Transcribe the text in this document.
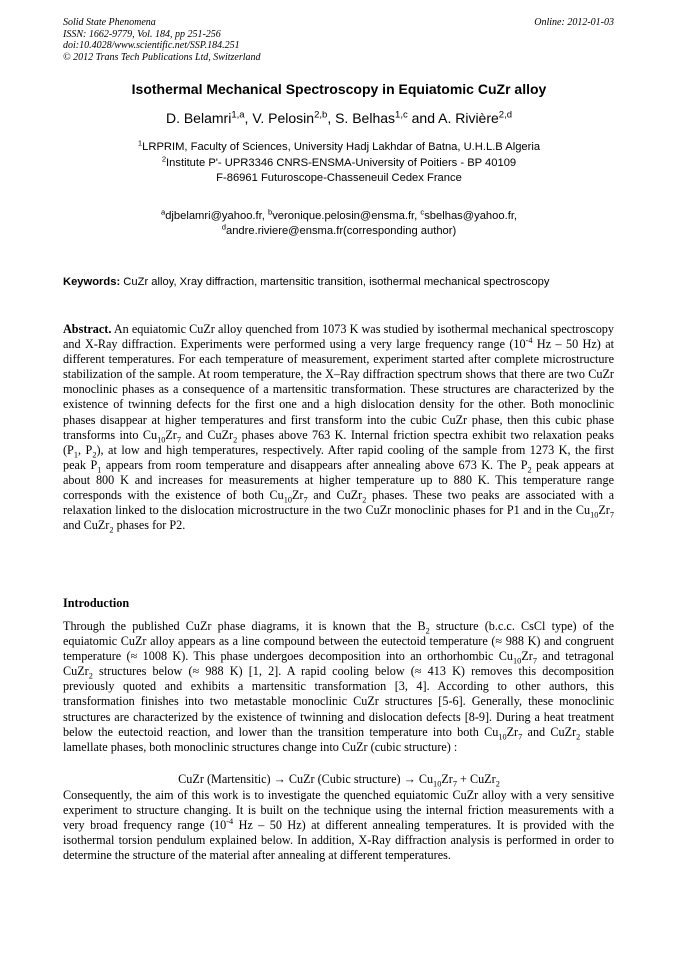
Solid State Phenomena
ISSN: 1662-9779, Vol. 184, pp 251-256
doi:10.4028/www.scientific.net/SSP.184.251
© 2012 Trans Tech Publications Ltd, Switzerland
Online: 2012-01-03
Isothermal Mechanical Spectroscopy in Equiatomic CuZr alloy
D. Belamri$^{1,a}$, V. Pelosin$^{2,b}$, S. Belhas$^{1,c}$ and A. Rivière$^{2,d}$
$^1$LRPRIM, Faculty of Sciences, University Hadj Lakhdar of Batna, U.H.L.B Algeria
$^2$Institute P'- UPR3346 CNRS-ENSMA-University of Poitiers - BP 40109
F-86961 Futuroscope-Chasseneuil Cedex France
$^a$djbelamri@yahoo.fr, $^b$veronique.pelosin@ensma.fr, $^c$sbelhas@yahoo.fr,
$^d$andre.riviere@ensma.fr(corresponding author)
Keywords: CuZr alloy, Xray diffraction, martensitic transition, isothermal mechanical spectroscopy
Abstract. An equiatomic CuZr alloy quenched from 1073 K was studied by isothermal mechanical spectroscopy and X-Ray diffraction. Experiments were performed using a very large frequency range ($10^{-4}$ Hz – 50 Hz) at different temperatures. For each temperature of measurement, experiment started after complete microstructure stabilization of the sample. At room temperature, the X–Ray diffraction spectrum shows that there are two CuZr monoclinic phases as a consequence of a martensitic transformation. These structures are characterized by the existence of twinning defects for the first one and a high dislocation density for the other. Both monoclinic phases disappear at higher temperatures and first transform into the cubic CuZr phase, then this cubic phase transforms into $Cu_{10}Zr_7$ and CuZr$_2$ phases above 763 K. Internal friction spectra exhibit two relaxation peaks ($P_1$, $P_2$), at low and high temperatures, respectively. After rapid cooling of the sample from 1273 K, the first peak $P_1$ appears from room temperature and disappears after annealing above 673 K. The $P_2$ peak appears at about 800 K and increases for measurements at higher temperature up to 880 K. This temperature range corresponds with the existence of both $Cu_{10}Zr_7$ and CuZr$_2$ phases. These two peaks are associated with a relaxation linked to the dislocation microstructure in the two CuZr monoclinic phases for P1 and in the $Cu_{10}Zr_7$ and CuZr$_2$ phases for P2.
Introduction
Through the published CuZr phase diagrams, it is known that the $B_2$ structure (b.c.c. CsCl type) of the equiatomic CuZr alloy appears as a line compound between the eutectoid temperature (≈ 988 K) and congruent temperature (≈ 1008 K). This phase undergoes decomposition into an orthorhombic $Cu_{10}Zr_7$ and tetragonal CuZr$_2$ structures below (≈ 988 K) [1, 2]. A rapid cooling below (≈ 413 K) removes this decomposition previously quoted and exhibits a martensitic transformation [3, 4]. According to other authors, this transformation finishes into two metastable monoclinic CuZr structures [5-6]. Generally, these monoclinic structures are characterized by the existence of twinning and dislocation defects [8-9]. During a heat treatment below the eutectoid reaction, and lower than the transition temperature into both $Cu_{10}Zr_7$ and CuZr$_2$ stable lamellate phases, both monoclinic structures change into CuZr (cubic structure) :
CuZr (Martensitic) → CuZr (Cubic structure) → $Cu_{10}Zr_7$ + CuZr$_2$
Consequently, the aim of this work is to investigate the quenched equiatomic CuZr alloy with a very sensitive experiment to structure changing. It is built on the technique using the internal friction measurements with a very broad frequency range ($10^{-4}$ Hz – 50 Hz) at different annealing temperatures. It is provided with the isothermal torsion pendulum explained below. In addition, X-Ray diffraction analysis is performed in order to determine the structure of the material after annealing at different temperatures.
